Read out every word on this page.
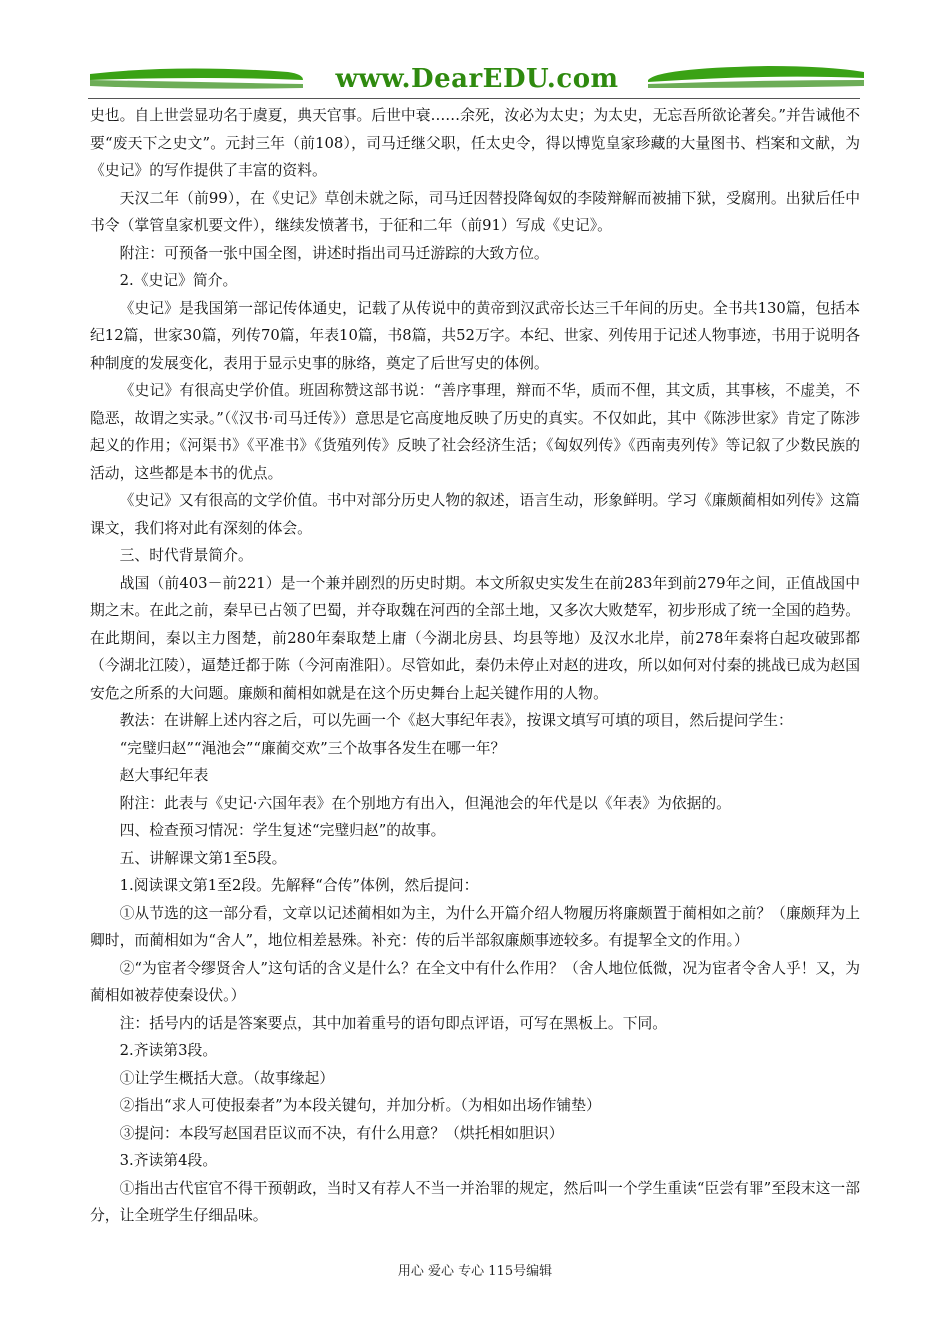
www.DearEDU.com

史也。自上世尝显功名于虞夏，典天官事。后世中衰……余死，汝必为太史；为太史，无忘吾所欲论著矣。”并告诫他不要“废天下之史文”。元封三年（前108），司马迁继父职，任太史令，得以博览皇家珍藏的大量图书、档案和文献，为《史记》的写作提供了丰富的资料。

天汉二年（前99），在《史记》草创未就之际，司马迁因替投降匈奴的李陵辩解而被捕下狱，受腐刑。出狱后任中书令（掌管皇家机要文件），继续发愤著书，于征和二年（前91）写成《史记》。

附注：可预备一张中国全图，讲述时指出司马迁游踪的大致方位。

2.《史记》简介。

《史记》是我国第一部记传体通史，记载了从传说中的黄帝到汉武帝长达三千年间的历史。全书共130篇，包括本纪12篇，世家30篇，列传70篇，年表10篇，书8篇，共52万字。本纪、世家、列传用于记述人物事迹，书用于说明各种制度的发展变化，表用于显示史事的脉络，奠定了后世写史的体例。

《史记》有很高史学价值。班固称赞这部书说：“善序事理，辩而不华，质而不俚，其文质，其事核，不虚美，不隐恶，故谓之实录。”（《汉书·司马迁传》）意思是它高度地反映了历史的真实。不仅如此，其中《陈涉世家》肯定了陈涉起义的作用；《河渠书》《平准书》《货殖列传》反映了社会经济生活；《匈奴列传》《西南夷列传》等记叙了少数民族的活动，这些都是本书的优点。

《史记》又有很高的文学价值。书中对部分历史人物的叙述，语言生动，形象鲜明。学习《廉颇蔺相如列传》这篇课文，我们将对此有深刻的体会。

三、时代背景简介。

战国（前403－前221）是一个兼并剧烈的历史时期。本文所叙史实发生在前283年到前279年之间，正值战国中期之末。在此之前，秦早已占领了巴蜀，并夺取魏在河西的全部土地，又多次大败楚军，初步形成了统一全国的趋势。在此期间，秦以主力图楚，前280年秦取楚上庸（今湖北房县、均县等地）及汉水北岸，前278年秦将白起攻破郢都（今湖北江陵），逼楚迁都于陈（今河南淮阳）。尽管如此，秦仍未停止对赵的进攻，所以如何对付秦的挑战已成为赵国安危之所系的大问题。廉颇和蔺相如就是在这个历史舞台上起关键作用的人物。

教法：在讲解上述内容之后，可以先画一个《赵大事纪年表》，按课文填写可填的项目，然后提问学生：

“完璧归赵”“渑池会”“廉蔺交欢”三个故事各发生在哪一年？

赵大事纪年表

附注：此表与《史记·六国年表》在个别地方有出入，但渑池会的年代是以《年表》为依据的。

四、检查预习情况：学生复述“完璧归赵”的故事。

五、讲解课文第1至5段。

1.阅读课文第1至2段。先解释“合传”体例，然后提问：

①从节选的这一部分看，文章以记述蔺相如为主，为什么开篇介绍人物履历将廉颇置于蔺相如之前？（廉颇拜为上卿时，而蔺相如为“舍人”，地位相差悬殊。补充：传的后半部叙廉颇事迹较多。有提挈全文的作用。）

②“为宦者令缪贤舍人”这句话的含义是什么？在全文中有什么作用？（舍人地位低微，况为宦者令舍人乎！又，为蔺相如被荐使秦设伏。）

注：括号内的话是答案要点，其中加着重号的语句即点评语，可写在黑板上。下同。

2.齐读第3段。

①让学生概括大意。（故事缘起）

②指出“求人可使报秦者”为本段关键句，并加分析。（为相如出场作铺垫）

③提问：本段写赵国君臣议而不决，有什么用意？（烘托相如胆识）

3.齐读第4段。

①指出古代宦官不得干预朝政，当时又有荐人不当一并治罪的规定，然后叫一个学生重读“臣尝有罪”至段末这一部分，让全班学生仔细品味。

用心 爱心 专心 115号编辑
